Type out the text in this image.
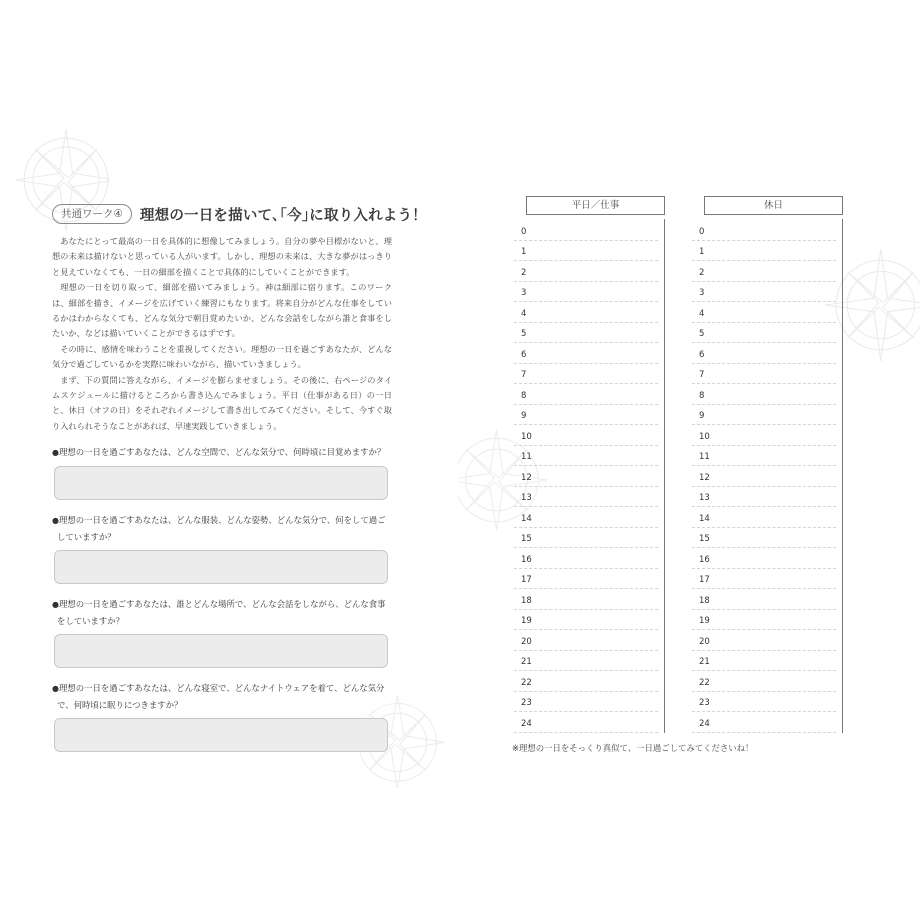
共通ワーク④	理想の一日を描いて､｢今｣に取り入れよう！

あなたにとって最高の一日を具体的に想像してみましょう。自分の夢や目標がないと、理想の未来は描けないと思っている人がいます。しかし、理想の未来は、大きな夢がはっきりと見えていなくても、一日の細部を描くことで具体的にしていくことができます。

理想の一日を切り取って、細部を描いてみましょう。神は細部に宿ります。このワークは、細部を描き、イメージを広げていく練習にもなります。将来自分がどんな仕事をしているかはわからなくても、どんな気分で朝目覚めたいか、どんな会話をしながら誰と食事をしたいか、などは描いていくことができるはずです。

その時に、感情を味わうことを重視してください。理想の一日を過ごすあなたが、どんな気分で過ごしているかを実際に味わいながら、描いていきましょう。

まず、下の質問に答えながら、イメージを膨らませましょう。その後に、右ページのタイムスケジュールに描けるところから書き込んでみましょう。平日（仕事がある日）の一日と、休日（オフの日）をそれぞれイメージして書き出してみてください。そして、今すぐ取り入れられそうなことがあれば、早速実践していきましょう。

●理想の一日を過ごすあなたは、どんな空間で、どんな気分で、何時頃に目覚めますか？

●理想の一日を過ごすあなたは、どんな服装、どんな姿勢、どんな気分で、何をして過ごしていますか？

●理想の一日を過ごすあなたは、誰とどんな場所で、どんな会話をしながら、どんな食事をしていますか？

●理想の一日を過ごすあなたは、どんな寝室で、どんなナイトウェアを着て、どんな気分で、何時頃に眠りにつきますか？

平日／仕事
0
1
2
3
4
5
6
7
8
9
10
11
12
13
14
15
16
17
18
19
20
21
22
23
24
休日
0
1
2
3
4
5
6
7
8
9
10
11
12
13
14
15
16
17
18
19
20
21
22
23
24
※理想の一日をそっくり真似て、一日過ごしてみてくださいね！
